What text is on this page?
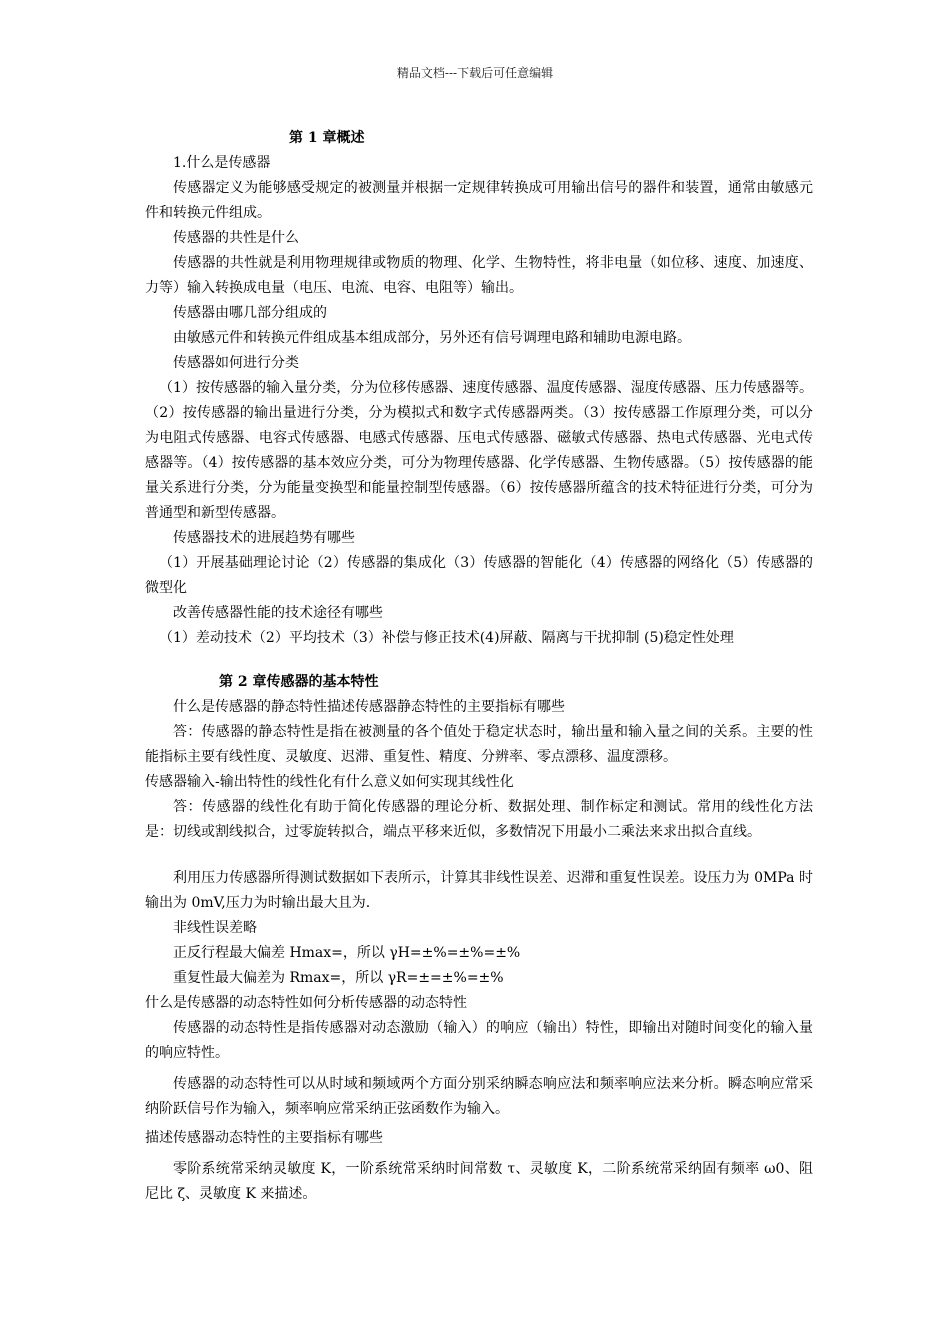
精品文档---下载后可任意编辑

第 1 章概述

1.什么是传感器

传感器定义为能够感受规定的被测量并根据一定规律转换成可用输出信号的器件和装置，通常由敏感元件和转换元件组成。

传感器的共性是什么

传感器的共性就是利用物理规律或物质的物理、化学、生物特性，将非电量（如位移、速度、加速度、力等）输入转换成电量（电压、电流、电容、电阻等）输出。

传感器由哪几部分组成的

由敏感元件和转换元件组成基本组成部分，另外还有信号调理电路和辅助电源电路。

传感器如何进行分类

（1）按传感器的输入量分类，分为位移传感器、速度传感器、温度传感器、湿度传感器、压力传感器等。（2）按传感器的输出量进行分类，分为模拟式和数字式传感器两类。（3）按传感器工作原理分类，可以分为电阻式传感器、电容式传感器、电感式传感器、压电式传感器、磁敏式传感器、热电式传感器、光电式传感器等。（4）按传感器的基本效应分类，可分为物理传感器、化学传感器、生物传感器。（5）按传感器的能量关系进行分类，分为能量变换型和能量控制型传感器。（6）按传感器所蕴含的技术特征进行分类，可分为普通型和新型传感器。

传感器技术的进展趋势有哪些

（1）开展基础理论讨论（2）传感器的集成化（3）传感器的智能化（4）传感器的网络化（5）传感器的微型化

改善传感器性能的技术途径有哪些

（1）差动技术（2）平均技术（3）补偿与修正技术(4)屏蔽、隔离与干扰抑制 (5)稳定性处理

第 2 章传感器的基本特性

什么是传感器的静态特性描述传感器静态特性的主要指标有哪些

答：传感器的静态特性是指在被测量的各个值处于稳定状态时，输出量和输入量之间的关系。主要的性能指标主要有线性度、灵敏度、迟滞、重复性、精度、分辨率、零点漂移、温度漂移。

传感器输入-输出特性的线性化有什么意义如何实现其线性化

答：传感器的线性化有助于简化传感器的理论分析、数据处理、制作标定和测试。常用的线性化方法是：切线或割线拟合，过零旋转拟合，端点平移来近似，多数情况下用最小二乘法来求出拟合直线。

利用压力传感器所得测试数据如下表所示，计算其非线性误差、迟滞和重复性误差。设压力为 0MPa 时输出为 0mV,压力为时输出最大且为.

非线性误差略

正反行程最大偏差 Hmax=，所以 γH=±%=±%=±%

重复性最大偏差为 Rmax=，所以 γR=±=±%=±%

什么是传感器的动态特性如何分析传感器的动态特性

传感器的动态特性是指传感器对动态激励（输入）的响应（输出）特性，即输出对随时间变化的输入量的响应特性。

传感器的动态特性可以从时域和频域两个方面分别采纳瞬态响应法和频率响应法来分析。瞬态响应常采纳阶跃信号作为输入，频率响应常采纳正弦函数作为输入。

描述传感器动态特性的主要指标有哪些

零阶系统常采纳灵敏度 K，一阶系统常采纳时间常数 τ、灵敏度 K，二阶系统常采纳固有频率 ω0、阻尼比 ζ、灵敏度 K 来描述。
